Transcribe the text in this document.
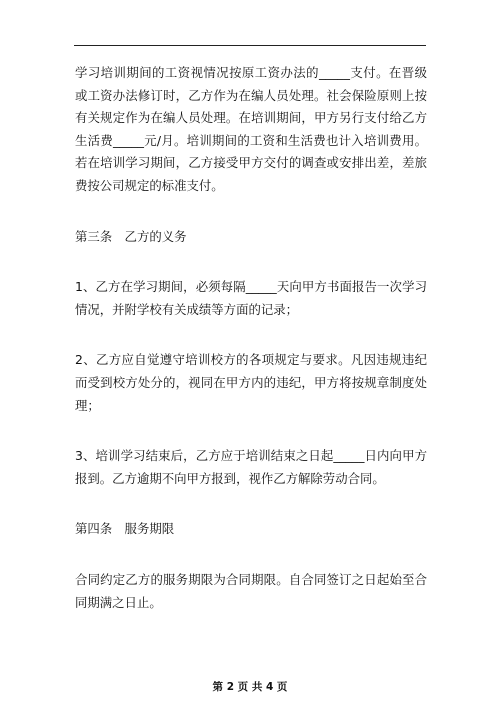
学习培训期间的工资视情况按原工资办法的_____支付。在晋级或工资办法修订时，乙方作为在编人员处理。社会保险原则上按有关规定作为在编人员处理。在培训期间，甲方另行支付给乙方生活费_____元/月。培训期间的工资和生活费也计入培训费用。若在培训学习期间，乙方接受甲方交付的调查或安排出差，差旅费按公司规定的标准支付。

第三条　乙方的义务

1、乙方在学习期间，必须每隔_____天向甲方书面报告一次学习情况，并附学校有关成绩等方面的记录；

2、乙方应自觉遵守培训校方的各项规定与要求。凡因违规违纪而受到校方处分的，视同在甲方内的违纪，甲方将按规章制度处理；

3、培训学习结束后，乙方应于培训结束之日起_____日内向甲方报到。乙方逾期不向甲方报到，视作乙方解除劳动合同。

第四条　服务期限

合同约定乙方的服务期限为合同期限。自合同签订之日起始至合同期满之日止。

第 2 页 共 4 页
